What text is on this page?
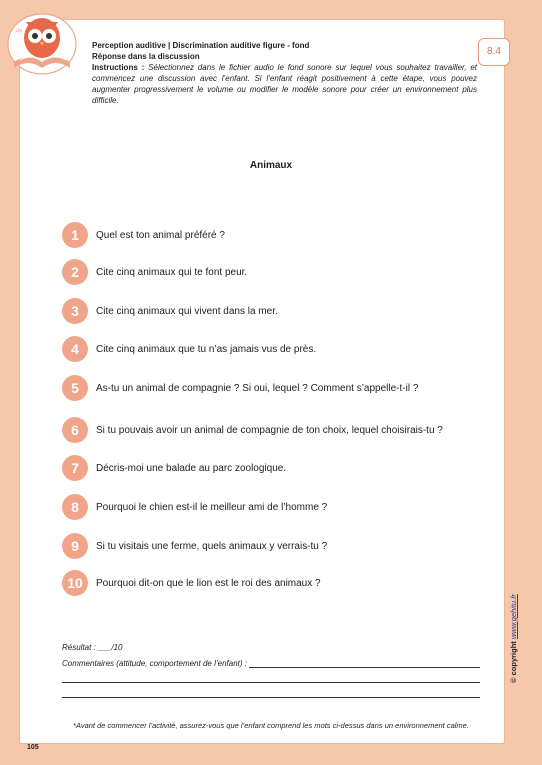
ay
Perception auditive | Discrimination auditive figure - fond
Réponse dans la discussion
Instructions : Sélectionnez dans le fichier audio le fond sonore sur lequel vous souhaitez travailler, et commencez une discussion avec l’enfant. Si l’enfant réagit positivement à cette étape, vous pouvez augmenter progressivement le volume ou modifier le modèle sonore pour créer un environnement plus difficile.
8.4
Animaux
1	Quel est ton animal préféré ?
2	Cite cinq animaux qui te font peur.
3	Cite cinq animaux qui vivent dans la mer.
4	Cite cinq animaux que tu n’as jamais vus de près.
5	As-tu un animal de compagnie ? Si oui, lequel ? Comment s’appelle-t-il ?
6	Si tu pouvais avoir un animal de compagnie de ton choix, lequel choisirais-tu ?
7	Décris-moi une balade au parc zoologique.
8	Pourquoi le chien est-il le meilleur ami de l’homme ?
9	Si tu visitais une ferme, quels animaux y verrais-tu ?
10	Pourquoi dit-on que le lion est le roi des animaux ?
© copyright www.gehitu.fr
Résultat : ___/10
Commentaires (attitude, comportement de l’enfant) :
*Avant de commencer l’activité, assurez-vous que l’enfant comprend les mots ci-dessus dans un environnement calme.
105
